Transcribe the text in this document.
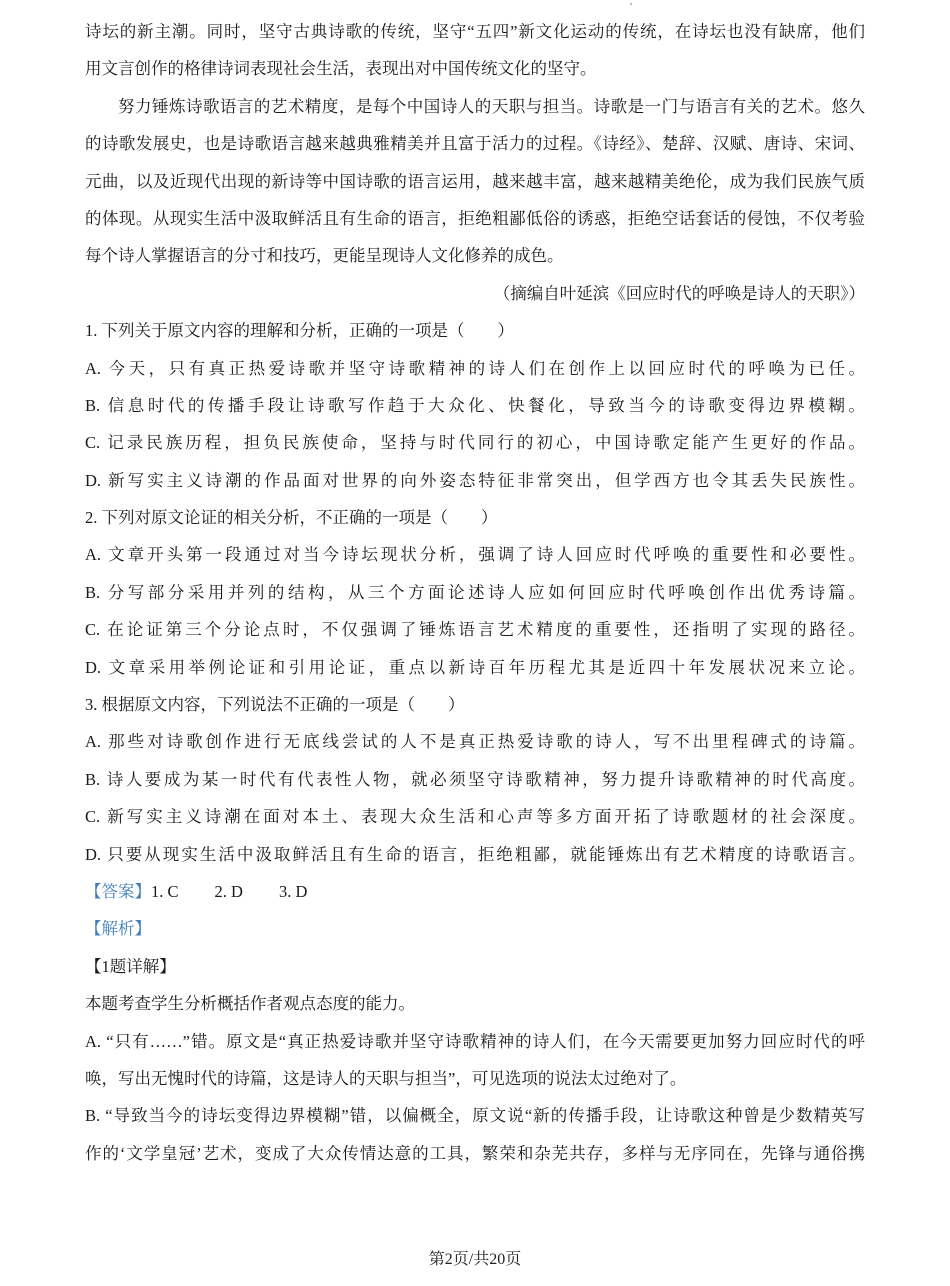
'
诗坛的新主潮。同时，坚守古典诗歌的传统，坚守“五四”新文化运动的传统，在诗坛也没有缺席，他们
用文言创作的格律诗词表现社会生活，表现出对中国传统文化的坚守。
努力锤炼诗歌语言的艺术精度，是每个中国诗人的天职与担当。诗歌是一门与语言有关的艺术。悠久
的诗歌发展史，也是诗歌语言越来越典雅精美并且富于活力的过程。《诗经》、楚辞、汉赋、唐诗、宋词、
元曲，以及近现代出现的新诗等中国诗歌的语言运用，越来越丰富，越来越精美绝伦，成为我们民族气质
的体现。从现实生活中汲取鲜活且有生命的语言，拒绝粗鄙低俗的诱惑，拒绝空话套话的侵蚀，不仅考验
每个诗人掌握语言的分寸和技巧，更能呈现诗人文化修养的成色。
（摘编自叶延滨《回应时代的呼唤是诗人的天职》）
1. 下列关于原文内容的理解和分析，正确的一项是（　　）
A. 今天，只有真正热爱诗歌并坚守诗歌精神的诗人们在创作上以回应时代的呼唤为已任。
B. 信息时代的传播手段让诗歌写作趋于大众化、快餐化，导致当今的诗歌变得边界模糊。
C. 记录民族历程，担负民族使命，坚持与时代同行的初心，中国诗歌定能产生更好的作品。
D. 新写实主义诗潮的作品面对世界的向外姿态特征非常突出，但学西方也令其丢失民族性。
2. 下列对原文论证的相关分析，不正确的一项是（　　）
A. 文章开头第一段通过对当今诗坛现状分析，强调了诗人回应时代呼唤的重要性和必要性。
B. 分写部分采用并列的结构，从三个方面论述诗人应如何回应时代呼唤创作出优秀诗篇。
C. 在论证第三个分论点时，不仅强调了锤炼语言艺术精度的重要性，还指明了实现的路径。
D. 文章采用举例论证和引用论证，重点以新诗百年历程尤其是近四十年发展状况来立论。
3. 根据原文内容，下列说法不正确的一项是（　　）
A. 那些对诗歌创作进行无底线尝试的人不是真正热爱诗歌的诗人，写不出里程碑式的诗篇。
B. 诗人要成为某一时代有代表性人物，就必须坚守诗歌精神，努力提升诗歌精神的时代高度。
C. 新写实主义诗潮在面对本土、表现大众生活和心声等多方面开拓了诗歌题材的社会深度。
D. 只要从现实生活中汲取鲜活且有生命的语言，拒绝粗鄙，就能锤炼出有艺术精度的诗歌语言。
【答案】1. C 2. D 3. D
【解析】
【1题详解】
本题考查学生分析概括作者观点态度的能力。
A. “只有……”错。原文是“真正热爱诗歌并坚守诗歌精神的诗人们，在今天需要更加努力回应时代的呼
唤，写出无愧时代的诗篇，这是诗人的天职与担当”，可见选项的说法太过绝对了。
B. “导致当今的诗坛变得边界模糊”错，以偏概全，原文说“新的传播手段，让诗歌这种曾是少数精英写
作的‘文学皇冠’艺术，变成了大众传情达意的工具，繁荣和杂芜共存，多样与无序同在，先锋与通俗携
第2页/共20页
